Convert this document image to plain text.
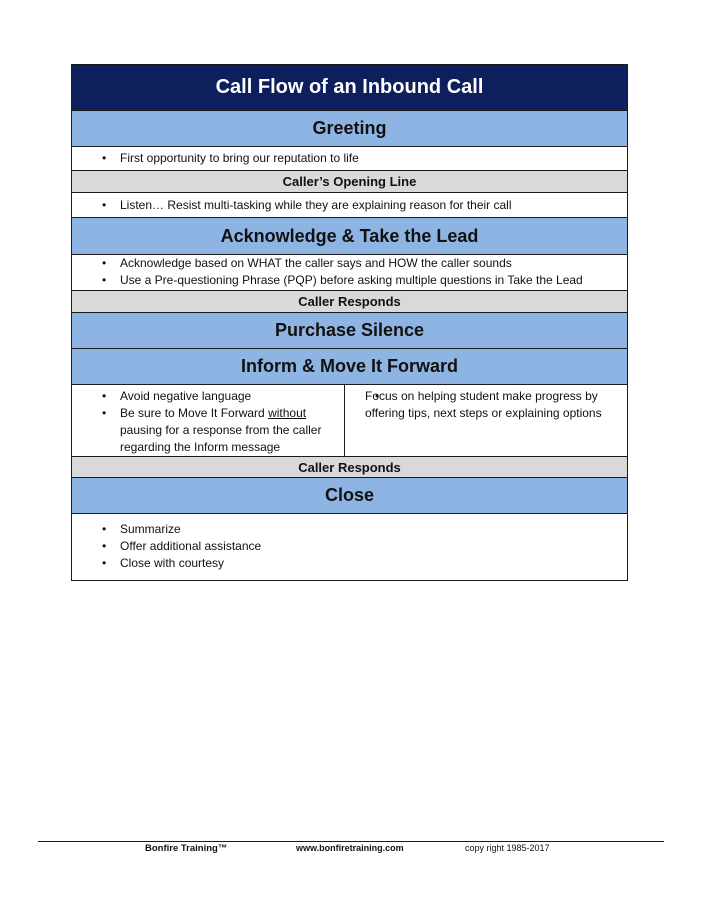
Call Flow of an Inbound Call
Greeting
• First opportunity to bring our reputation to life
Caller’s Opening Line
• Listen… Resist multi-tasking while they are explaining reason for their call
Acknowledge & Take the Lead
• Acknowledge based on WHAT the caller says and HOW the caller sounds
• Use a Pre-questioning Phrase (PQP) before asking multiple questions in Take the Lead
Caller Responds
Purchase Silence
Inform & Move It Forward
• Avoid negative language
• Be sure to Move It Forward without pausing for a response from the caller regarding the Inform message
• Focus on helping student make progress by offering tips, next steps or explaining options
Caller Responds
Close
• Summarize
• Offer additional assistance
• Close with courtesy
Bonfire Training™	www.bonfiretraining.com	copy right 1985-2017
